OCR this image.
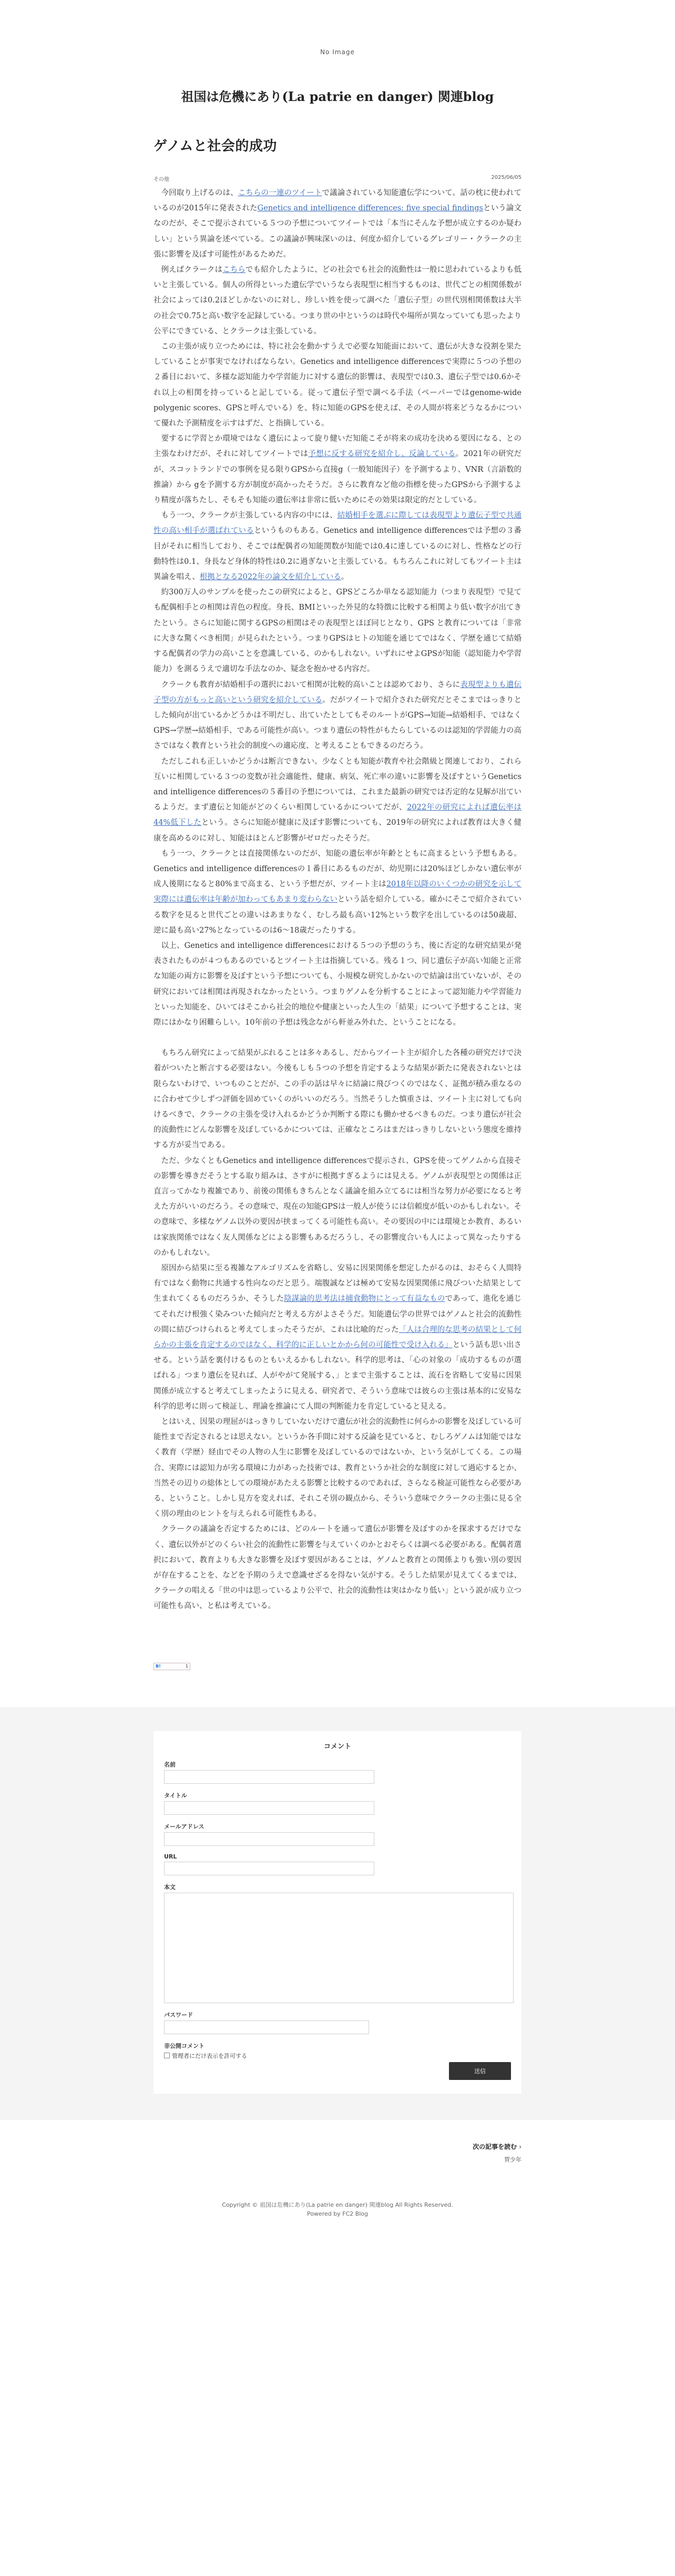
No Image
祖国は危機にあり(La patrie en danger) 関連blog
ゲノムと社会的成功
その他	2025/06/05

今回取り上げるのは、こちらの一連のツイートで議論されている知能遺伝学について。話の枕に使われているのが2015年に発表されたGenetics and intelligence differences: five special findingsという論文なのだが、そこで提示されている５つの予想についてツイートでは「本当にそんな予想が成立するのか疑わしい」という異論を述べている。この議論が興味深いのは、何度か紹介しているグレゴリー・クラークの主張に影響を及ぼす可能性があるためだ。

例えばクラークはこちらでも紹介したように、どの社会でも社会的流動性は一般に思われているよりも低いと主張している。個人の所得といった遺伝学でいうなら表現型に相当するものは、世代ごとの相関係数が社会によっては0.2ほどしかないのに対し、珍しい姓を使って調べた「遺伝子型」の世代別相関係数は大半の社会で0.75と高い数字を記録している。つまり世の中というのは時代や場所が異なっていても思ったより公平にできている、とクラークは主張している。

この主張が成り立つためには、特に社会を動かすうえで必要な知能面において、遺伝が大きな役割を果たしていることが事実でなければならない。Genetics and intelligence differencesで実際に５つの予想の２番目において、多様な認知能力や学習能力に対する遺伝的影響は、表現型では0.3、遺伝子型では0.6かそれ以上の相関を持っていると記している。従って遺伝子型で調べる手法（ペーパーではgenome-wide polygenic scores、GPSと呼んでいる）を、特に知能のGPSを使えば、その人間が将来どうなるかについて優れた予測精度を示すはずだ、と指摘している。

要するに学習とか環境ではなく遺伝によって旋り健いだ知能こそが将来の成功を決める要因になる、との主張なわけだが、それに対してツイートでは予想に反する研究を紹介し、反論している。2021年の研究だが、スコットランドでの事例を見る限りGPSから直接g（一般知能因子）を予測するより、VNR（言語数的推論）から gを予測する方が制度が高かったそうだ。さらに教育など他の指標を使ったGPSから予測するより精度が落ちたし、そもそも知能の遺伝率は非常に低いためにその効果は限定的だとしている。

もう一つ、クラークが主張している内容の中には、結婚相手を選ぶに際しては表現型より遺伝子型で共通性の高い相手が選ばれているというものもある。Genetics and intelligence differencesでは予想の３番目がそれに相当しており、そこでは配偶者の知能関数が知能では0.4に達しているのに対し、性格などの行動特性は0.1、身長など身体的特性は0.2に過ぎないと主張している。もちろんこれに対してもツイート主は異論を唱え、根拠となる2022年の論文を紹介している。

約300万人のサンプルを使ったこの研究によると、GPSどころか単なる認知能力（つまり表現型）で見ても配偶相手との相関は青色の程度。身長、BMIといった外見的な特徴に比較する相関より低い数字が出てきたという。さらに知能に関するGPSの相関はその表現型とほぼ同じとなり、GPS と教育については「非常に大きな驚くべき相関」が見られたという。つまりGPSはヒトの知能を通じてではなく、学歴を通じて結婚する配偶者の学力の高いことを意識している、のかもしれない。いずれにせよGPSが知能（認知能力や学習能力）を測るうえで適切な手法なのか、疑念を抱かせる内容だ。

クラークも教育が結婚相手の選択において相関が比較的高いことは認めており、さらに表現型よりも遺伝子型の方がもっと高いという研究を紹介している。だがツイートで紹介された研究だとそこまではっきりとした傾向が出ているかどうかは不明だし、出ていたとしてもそのルートがGPS→知能→結婚相手、ではなくGPS→学歴→結婚相手、である可能性が高い。つまり遺伝の特性がもたらしているのは認知的学習能力の高さではなく教育という社会的制度への適応度、と考えることもできるのだろう。

ただしこれも正しいかどうかは断言できない。少なくとも知能が教育や社会階級と関連しており、これら互いに相関している３つの変数が社会適能性、健康、病気、死亡率の違いに影響を及ぼすというGenetics and intelligence differencesの５番目の予想については、これまた最新の研究では否定的な見解が出ているようだ。まず遺伝と知能がどのくらい相関しているかについてだが、2022年の研究によれば遺伝率は44%低下したという。さらに知能が健康に及ぼす影響についても、2019年の研究によれば教育は大きく健康を高めるのに対し、知能はほとんど影響がゼロだったそうだ。

もう一つ、クラークとは直接関係ないのだが、知能の遺伝率が年齢とともに高まるという予想もある。Genetics and intelligence differencesの１番目にあるものだが、幼児期には20%ほどしかない遺伝率が成人後期になると80%まで高まる、という予想だが、ツイート主は2018年以降のいくつかの研究を示して実際には遺伝率は年齢が加わってもあまり変わらないという話を紹介している。確かにそこで紹介されている数字を見ると世代ごとの違いはあまりなく、むしろ最も高い12%という数字を出しているのは50歳超、逆に最も高い27%となっているのは6～18歳だったりする。

以上、Genetics and intelligence differencesにおける５つの予想のうち、後に否定的な研究結果が発表されたものが４つもあるのでいるとツイート主は指摘している。残る１つ、同じ遺伝子が高い知能と正常な知能の両方に影響を及ぼすという予想についても、小規模な研究しかないので結論は出ていないが、その研究においては相関は再現されなかったという。つまりゲノムを分析することによって認知能力や学習能力といった知能を、ひいてはそこから社会的地位や健康といった人生の「結果」について予想することは、実際にはかなり困難らしい。10年前の予想は残念ながら軒並み外れた、ということになる。

もちろん研究によって結果がぶれることは多々あるし、だからツイート主が紹介した各種の研究だけで決着がついたと断言する必要はない。今後もしも５つの予想を肯定するような結果が新たに発表されないとは限らないわけで、いつものことだが、この手の話は早々に結論に飛びつくのではなく、証拠が積み重なるのに合わせて少しずつ評価を固めていくのがいいのだろう。当然そうした慎重さは、ツイート主に対しても向けるべきで、クラークの主張を受け入れるかどうか判断する際にも働かせるべきものだ。つまり遺伝が社会的流動性にどんな影響を及ぼしているかについては、正確なところはまだはっきりしないという態度を維持する方が妥当である。

ただ、少なくともGenetics and intelligence differencesで提示され、GPSを使ってゲノムから直接その影響を導きだそうとする取り組みは、さすがに根拠すぎるようには見える。ゲノムが表現型との関係は正直言ってかなり複雑であり、前後の関係もきちんとなく議論を組み立てるには相当な努力が必要になると考えた方がいいのだろう。その意味で、現在の知能GPSは一般人が使うには信頼度が低いのかもしれない。その意味で、多様なゲノム以外の要因が挟まってくる可能性も高い。その要因の中には環境とか教育、あるいは家族関係ではなく友人関係などによる影響もあるだろうし、その影響度合いも人によって異なったりするのかもしれない。

原因から結果に至る複雑なアルゴリズムを省略し、安易に因果関係を想定したがるのは、おそらく人間特有ではなく動物に共通する性向なのだと思う。端腹誠などは極めて安易な因果関係に飛びついた結果として生まれてくるものだろうか、そうした陰謀論的思考法は捕食動物にとって有益なものであって、進化を通じてそれだけ根強く染みついた傾向だと考える方がよさそうだ。知能遺伝学の世界ではゲノムと社会的流動性の間に結びつけられると考えてしまったそうだが、これは比喩的だった「人は合理的な思考の結果として何らかの主張を肯定するのではなく、科学的に正しいとかから何の可能性で受け入れる」という話も思い出させる。という話を裏付けるものともいえるかもしれない。科学的思考は、「心の対象の「成功するものが選ばれる」つまり遺伝を見れば、人がやがて発展する、」とまで主張することは、流石を省略して安易に因果関係が成立すると考えてしまったように見える、研究者で、そういう意味では彼らの主張は基本的に安易な科学的思考に則って検証し、理論を推論にて人間の判断能力を肯定していると見える。

とはいえ、因果の理屈がはっきりしていないだけで遺伝が社会的流動性に何らかの影響を及ぼしている可能性まで否定されるとは思えない。というか各手間に対する反論を見ていると、むしろゲノムは知能ではなく教育（学歴）経由でその人物の人生に影響を及ぼしているのではないか、という気がしてくる。この場合、実際には認知力が劣る環境に力があった技術では、教育というか社会的な制度に対して過応するとか、当然その辺りの総体としての環境があたえる影響と比較するのであれば、さらなる検証可能性なら必要がある、ということ。しかし見方を変えれば、それこそ別の観点から、そういう意味でクラークの主張に見る全く別の理由のヒントを与えられる可能性もある。

クラークの議論を否定するためには、どのルートを通って遺伝が影響を及ぼすのかを探求するだけでなく、遺伝以外がどのくらい社会的流動性に影響を与えていくのかとおそらくは調べる必要がある。配偶者選択において、教育よりも大きな影響を及ぼす要因があることは、ゲノムと教育との関係よりも強い別の要因が存在することを、などを予期のうえで意識せざるを得ない気がする。そうした結果が見えてくるまでは、クラークの唱える「世の中は思っているより公平で、社会的流動性は実はかなり低い」という説が成り立つ可能性も高い、と私は考えている。

B!	1
コメント
名前
タイトル
メールアドレス
URL
本文
パスワード
非公開コメント
管理者にだけ表示を許可する
送信
次の記事を読む ›
賀少年
Copyright © 祖国は危機にあり(La patrie en danger) 関連blog All Rights Reserved.
Powered by FC2 Blog
